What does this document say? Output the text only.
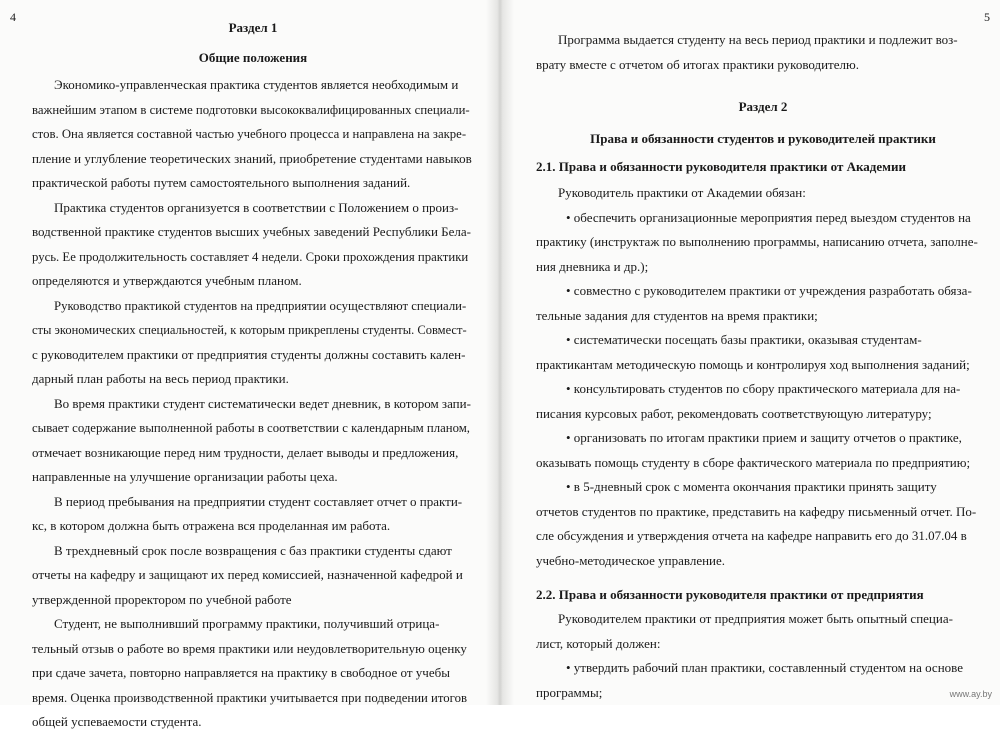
4
Раздел 1
Общие положения
Экономико-управленческая практика студентов является необходимым и
важнейшим этапом в системе подготовки высококвалифицированных специали-
стов. Она является составной частью учебного процесса и направлена на закре-
пление и углубление теоретических знаний, приобретение студентами навыков
практической работы путем самостоятельного выполнения заданий.
Практика студентов организуется в соответствии с Положением о произ-
водственной практике студентов высших учебных заведений Республики Бела-
русь. Ее продолжительность составляет 4 недели. Сроки прохождения практики
определяются и утверждаются учебным планом.
Руководство практикой студентов на предприятии осуществляют специали-
сты экономических специальностей, к которым прикреплены студенты. Совмест-
с руководителем практики от предприятия студенты должны составить кален-
дарный план работы на весь период практики.
Во время практики студент систематически ведет дневник, в котором запи-
сывает содержание выполненной работы в соответствии с календарным планом,
отмечает возникающие перед ним трудности, делает выводы и предложения,
направленные на улучшение организации работы цеха.
В период пребывания на предприятии студент составляет отчет о практи-
кс, в котором должна быть отражена вся проделанная им работа.
В трехдневный срок после возвращения с баз практики студенты сдают
отчеты на кафедру и защищают их перед комиссией, назначенной кафедрой и
утвержденной проректором по учебной работе
Студент, не выполнивший программу практики, получивший отрица-
тельный отзыв о работе во время практики или неудовлетворительную оценку
при сдаче зачета, повторно направляется на практику в свободное от учебы
время. Оценка производственной практики учитывается при подведении итогов
общей успеваемости студента.
5
Программа выдается студенту на весь период практики и подлежит воз-
врату вместе с отчетом об итогах практики руководителю.
Раздел 2
Права и обязанности студентов и руководителей практики
2.1. Права и обязанности руководителя практики от Академии
Руководитель практики от Академии обязан:
• обеспечить организационные мероприятия перед выездом студентов на
практику (инструктаж по выполнению программы, написанию отчета, заполне-
ния дневника и др.);
• совместно с руководителем практики от учреждения разработать обяза-
тельные задания для студентов на время практики;
• систематически посещать базы практики, оказывая студентам-
практикантам методическую помощь и контролируя ход выполнения заданий;
• консультировать студентов по сбору практического материала для на-
писания курсовых работ, рекомендовать соответствующую литературу;
• организовать по итогам практики прием и защиту отчетов о практике,
оказывать помощь студенту в сборе фактического материала по предприятию;
• в 5-дневный срок с момента окончания практики принять защиту
отчетов студентов по практике, представить на кафедру письменный отчет. По-
сле обсуждения и утверждения отчета на кафедре направить его до 31.07.04 в
учебно-методическое управление.
2.2. Права и обязанности руководителя практики от предприятия
Руководителем практики от предприятия может быть опытный специа-
лист, который должен:
• утвердить рабочий план практики, составленный студентом на основе
программы;	www.ay.by
